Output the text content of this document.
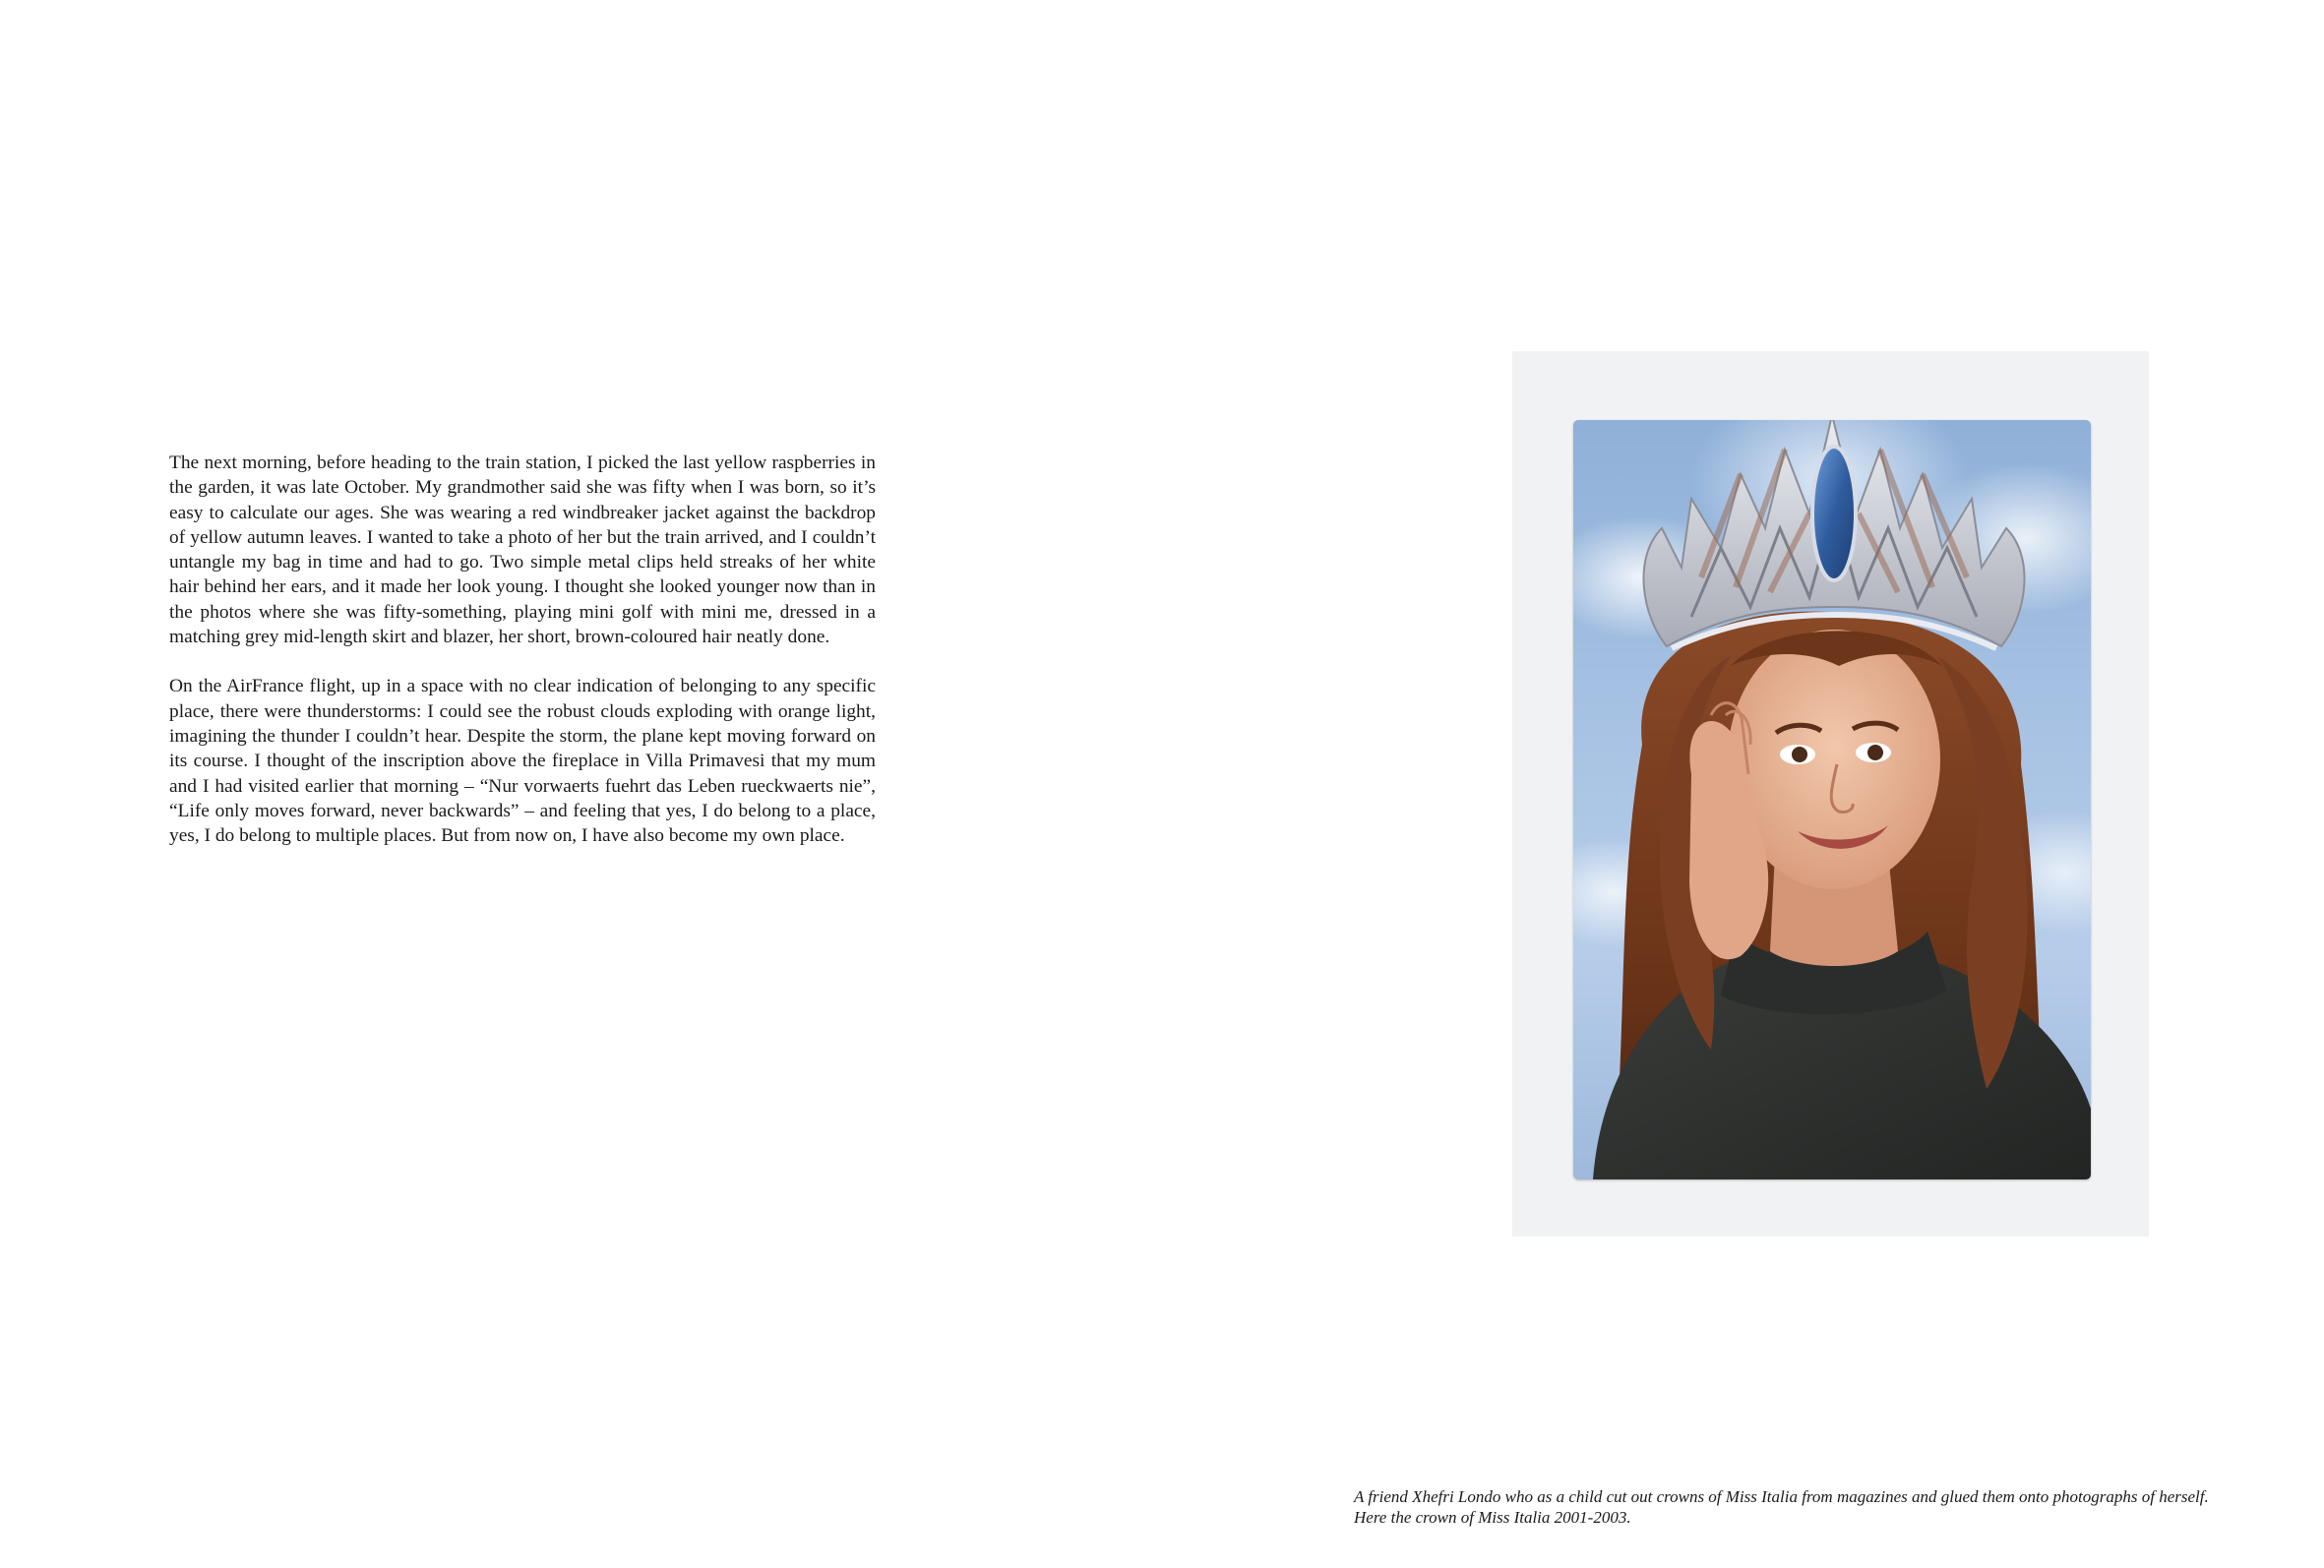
The next morning, before heading to the train station, I picked the last yellow raspberries in the garden, it was late October. My grandmother said she was fifty when I was born, so it’s easy to calculate our ages. She was wearing a red windbreaker jacket against the backdrop of yellow autumn leaves. I wanted to take a photo of her but the train arrived, and I couldn’t untangle my bag in time and had to go. Two simple metal clips held streaks of her white hair behind her ears, and it made her look young. I thought she looked younger now than in the photos where she was fifty-something, playing mini golf with mini me, dressed in a matching grey mid-length skirt and blazer, her short, brown-coloured hair neatly done.

On the AirFrance flight, up in a space with no clear indication of belonging to any specific place, there were thunderstorms: I could see the robust clouds exploding with orange light, imagining the thunder I couldn’t hear. Despite the storm, the plane kept moving forward on its course. I thought of the inscription above the fireplace in Villa Primavesi that my mum and I had visited earlier that morning – “Nur vorwaerts fuehrt das Leben rueckwaerts nie”, “Life only moves forward, never backwards” – and feeling that yes, I do belong to a place, yes, I do belong to multiple places. But from now on, I have also become my own place.

A friend Xhefri Londo who as a child cut out crowns of Miss Italia from magazines and glued them onto photographs of herself.
Here the crown of Miss Italia 2001-2003.
